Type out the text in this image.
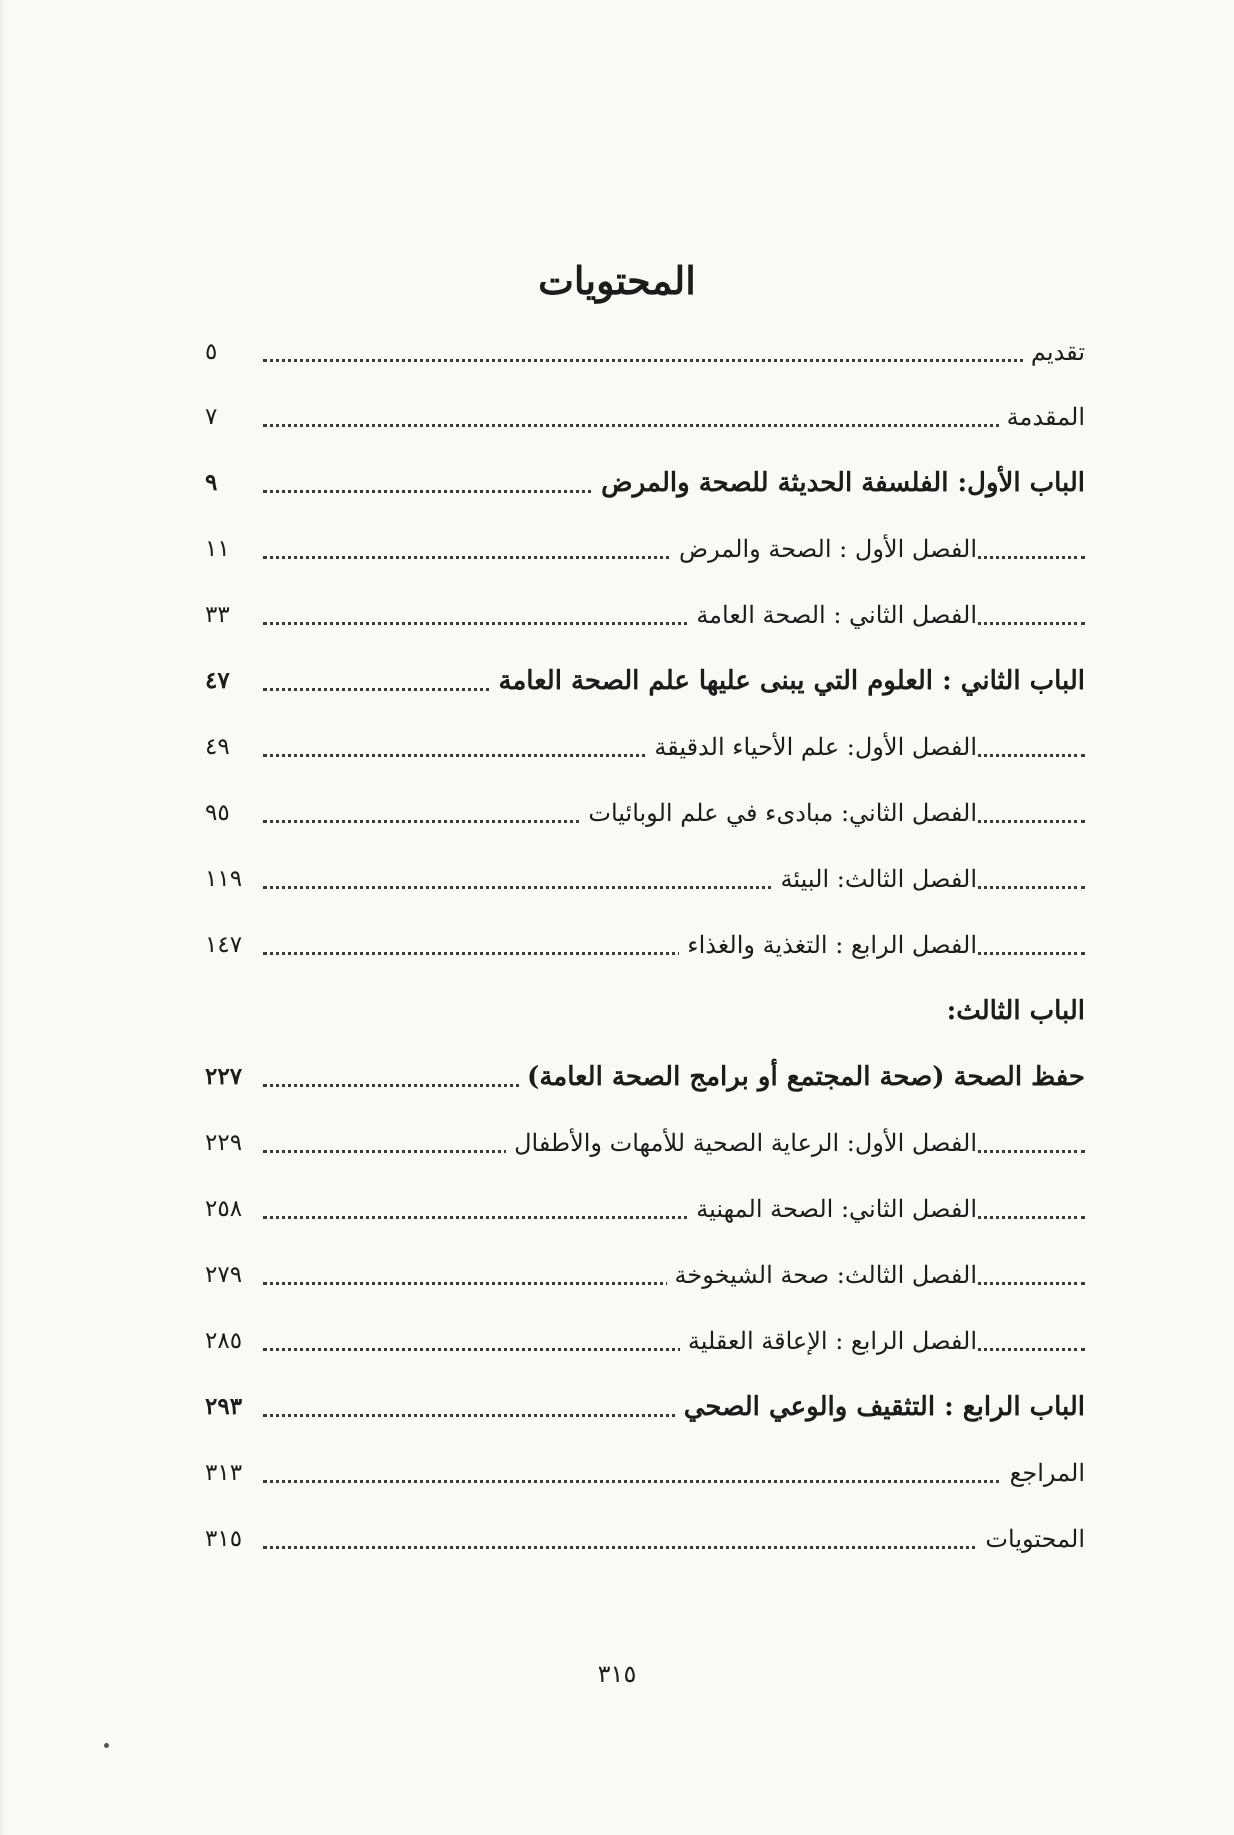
المحتويات
تقديم
٥
المقدمة
٧
الباب الأول: الفلسفة الحديثة للصحة والمرض
٩
الفصل الأول : الصحة والمرض
١١
الفصل الثاني : الصحة العامة
٣٣
الباب الثاني : العلوم التي يبنى عليها علم الصحة العامة
٤٧
الفصل الأول: علم الأحياء الدقيقة
٤٩
الفصل الثاني: مبادىء في علم الوبائيات
٩٥
الفصل الثالث: البيئة
١١٩
الفصل الرابع : التغذية والغذاء
١٤٧
الباب الثالث:
حفظ الصحة (صحة المجتمع أو برامج الصحة العامة)
٢٢٧
الفصل الأول: الرعاية الصحية للأمهات والأطفال
٢٢٩
الفصل الثاني: الصحة المهنية
٢٥٨
الفصل الثالث: صحة الشيخوخة
٢٧٩
الفصل الرابع : الإعاقة العقلية
٢٨٥
الباب الرابع : التثقيف والوعي الصحي
٢٩٣
المراجع
٣١٣
المحتويات
٣١٥
٣١٥
